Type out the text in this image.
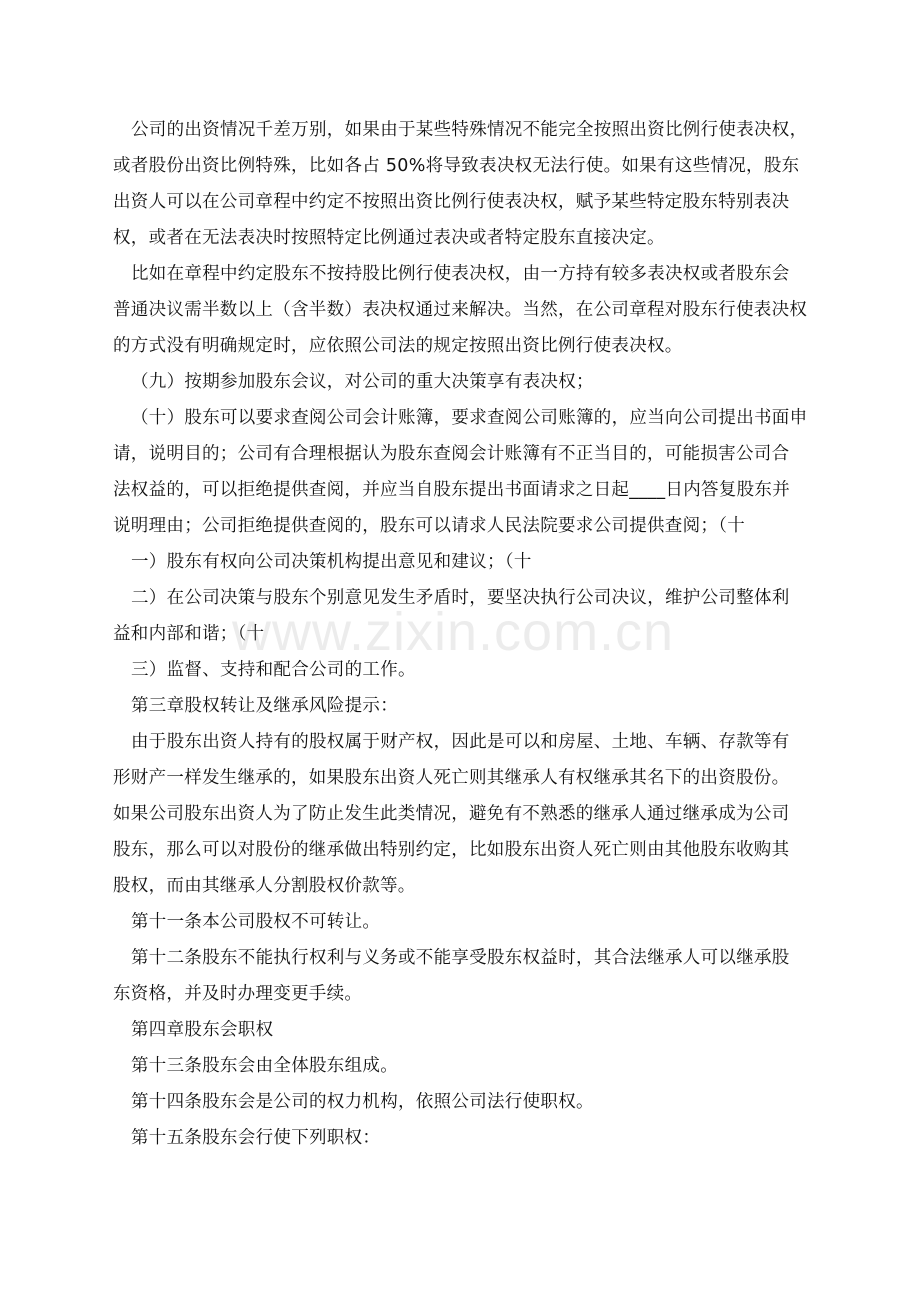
公司的出资情况千差万别，如果由于某些特殊情况不能完全按照出资比例行使表决权，
或者股份出资比例特殊，比如各占 50%将导致表决权无法行使。如果有这些情况，股东
出资人可以在公司章程中约定不按照出资比例行使表决权，赋予某些特定股东特别表决
权，或者在无法表决时按照特定比例通过表决或者特定股东直接决定。
比如在章程中约定股东不按持股比例行使表决权，由一方持有较多表决权或者股东会
普通决议需半数以上（含半数）表决权通过来解决。当然，在公司章程对股东行使表决权
的方式没有明确规定时，应依照公司法的规定按照出资比例行使表决权。
（九）按期参加股东会议，对公司的重大决策享有表决权；
（十）股东可以要求查阅公司会计账簿，要求查阅公司账簿的，应当向公司提出书面申
请，说明目的；公司有合理根据认为股东查阅会计账簿有不正当目的，可能损害公司合
法权益的，可以拒绝提供查阅，并应当自股东提出书面请求之日起____日内答复股东并
说明理由；公司拒绝提供查阅的，股东可以请求人民法院要求公司提供查阅；（十
一）股东有权向公司决策机构提出意见和建议；（十
二）在公司决策与股东个别意见发生矛盾时，要坚决执行公司决议，维护公司整体利
益和内部和谐；（十
三）监督、支持和配合公司的工作。
第三章股权转让及继承风险提示：
由于股东出资人持有的股权属于财产权，因此是可以和房屋、土地、车辆、存款等有
形财产一样发生继承的，如果股东出资人死亡则其继承人有权继承其名下的出资股份。
如果公司股东出资人为了防止发生此类情况，避免有不熟悉的继承人通过继承成为公司
股东，那么可以对股份的继承做出特别约定，比如股东出资人死亡则由其他股东收购其
股权，而由其继承人分割股权价款等。
第十一条本公司股权不可转让。
第十二条股东不能执行权利与义务或不能享受股东权益时，其合法继承人可以继承股
东资格，并及时办理变更手续。
第四章股东会职权
第十三条股东会由全体股东组成。
第十四条股东会是公司的权力机构，依照公司法行使职权。
第十五条股东会行使下列职权：
www.zixin.com.cn
